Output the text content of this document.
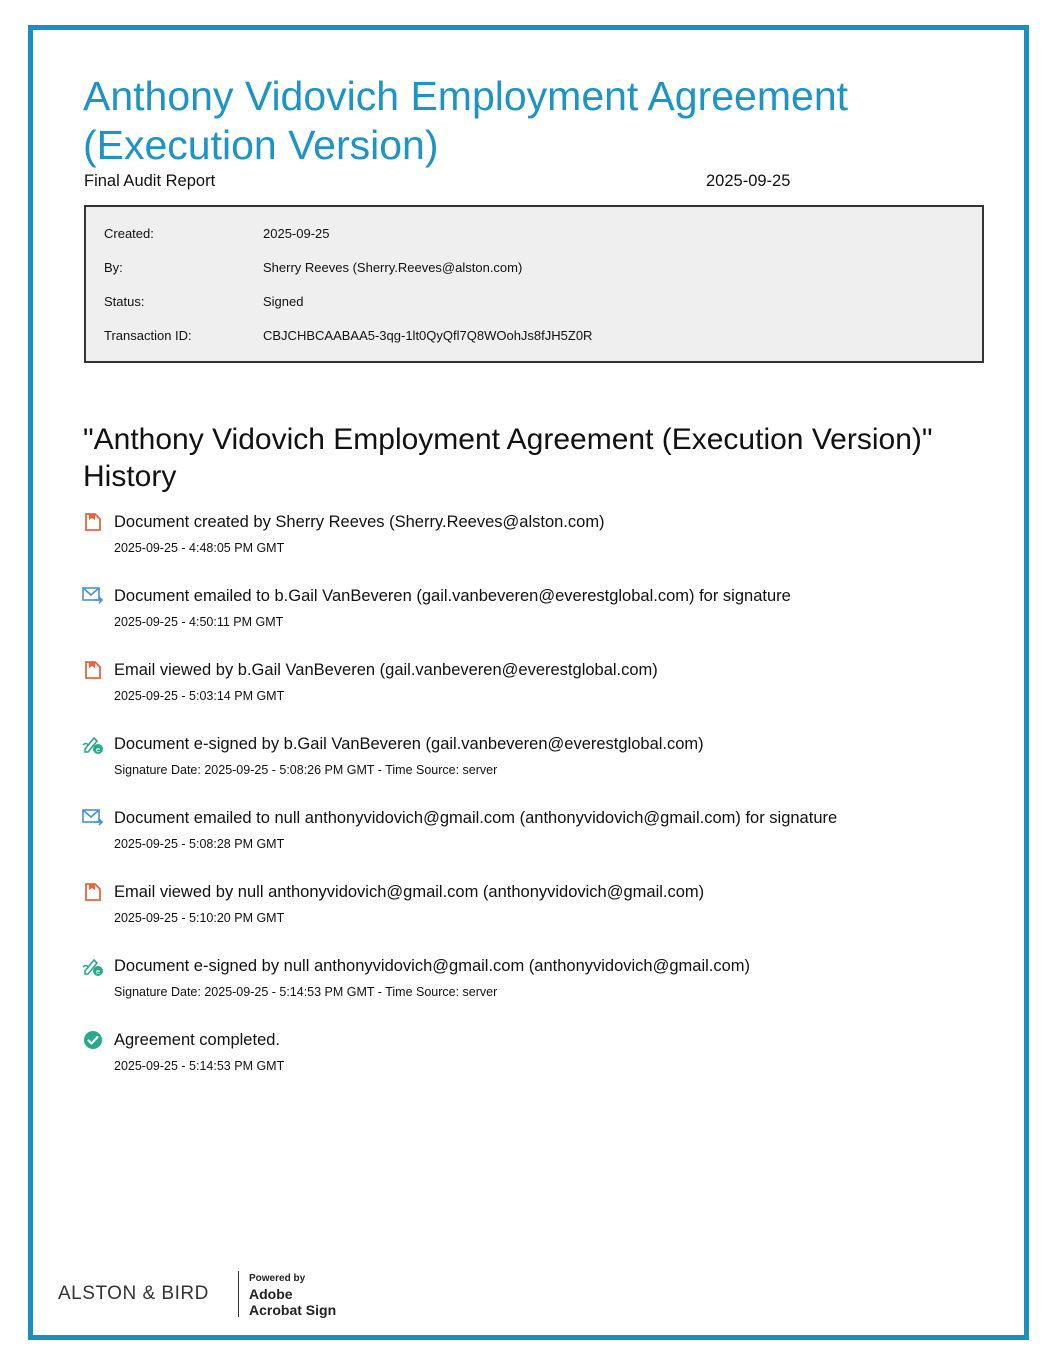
Anthony Vidovich Employment Agreement (Execution Version)
Final Audit Report	2025-09-25
Created:	2025-09-25
By:	Sherry Reeves (Sherry.Reeves@alston.com)
Status:	Signed
Transaction ID:	CBJCHBCAABAA5-3qg-1lt0QyQfl7Q8WOohJs8fJH5Z0R
"Anthony Vidovich Employment Agreement (Execution Version)" History
Document created by Sherry Reeves (Sherry.Reeves@alston.com)
2025-09-25 - 4:48:05 PM GMT
Document emailed to b.Gail VanBeveren (gail.vanbeveren@everestglobal.com) for signature
2025-09-25 - 4:50:11 PM GMT
Email viewed by b.Gail VanBeveren (gail.vanbeveren@everestglobal.com)
2025-09-25 - 5:03:14 PM GMT
e Document e-signed by b.Gail VanBeveren (gail.vanbeveren@everestglobal.com)
Signature Date: 2025-09-25 - 5:08:26 PM GMT - Time Source: server
Document emailed to null anthonyvidovich@gmail.com (anthonyvidovich@gmail.com) for signature
2025-09-25 - 5:08:28 PM GMT
Email viewed by null anthonyvidovich@gmail.com (anthonyvidovich@gmail.com)
2025-09-25 - 5:10:20 PM GMT
e Document e-signed by null anthonyvidovich@gmail.com (anthonyvidovich@gmail.com)
Signature Date: 2025-09-25 - 5:14:53 PM GMT - Time Source: server
Agreement completed.
2025-09-25 - 5:14:53 PM GMT
ALSTON & BIRD
Powered by
Adobe
Acrobat Sign
